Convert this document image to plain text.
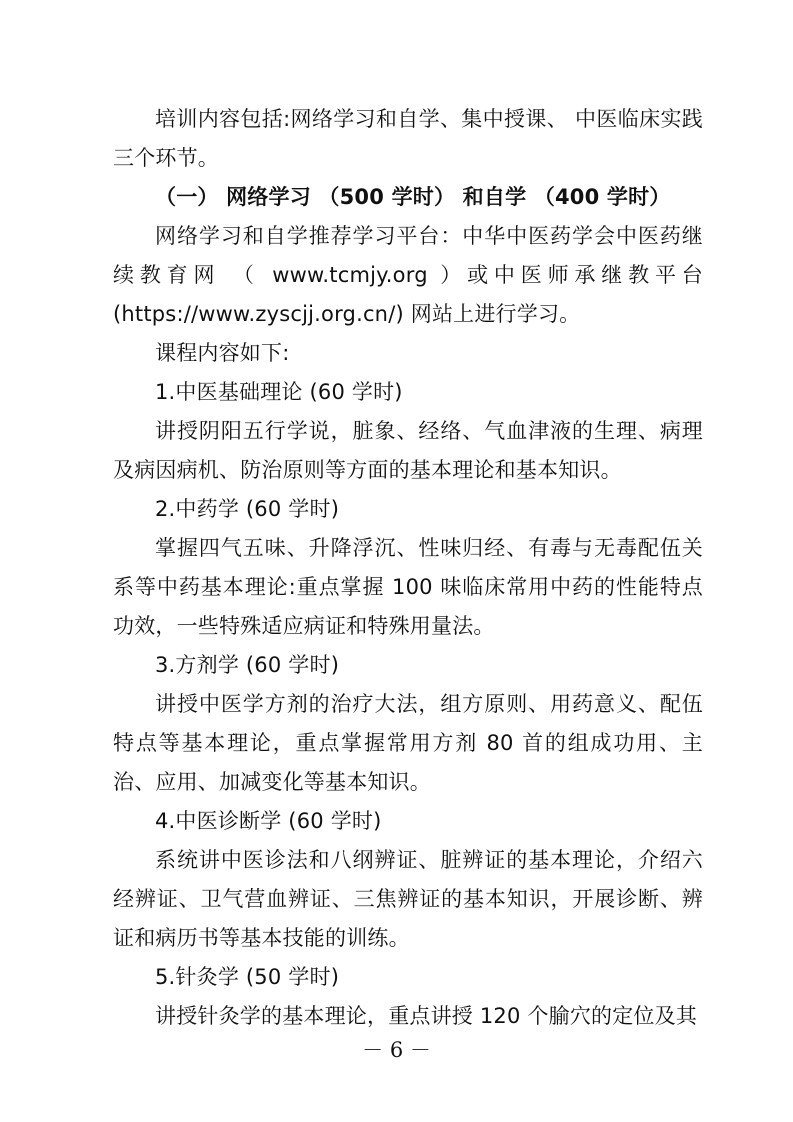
培训内容包括:网络学习和自学、集中授课、 中医临床实践三个环节。

（一） 网络学习 （500 学时） 和自学 （400 学时）

网络学习和自学推荐学习平台：中华中医药学会中医药继续教育网 （ www.tcmjy.org ）或中医师承继教平台

(https://www.zyscjj.org.cn/) 网站上进行学习。

课程内容如下:

1.中医基础理论 (60 学时)

讲授阴阳五行学说，脏象、经络、气血津液的生理、病理及病因病机、防治原则等方面的基本理论和基本知识。

2.中药学 (60 学时)

掌握四气五味、升降浮沉、性味归经、有毒与无毒配伍关系等中药基本理论:重点掌握 100 味临床常用中药的性能特点功效，一些特殊适应病证和特殊用量法。

3.方剂学 (60 学时)

讲授中医学方剂的治疗大法，组方原则、用药意义、配伍特点等基本理论，重点掌握常用方剂 80 首的组成功用、主治、应用、加减变化等基本知识。

4.中医诊断学 (60 学时)

系统讲中医诊法和八纲辨证、脏辨证的基本理论，介绍六经辨证、卫气营血辨证、三焦辨证的基本知识，开展诊断、辨证和病历书等基本技能的训练。

5.针灸学 (50 学时)

讲授针灸学的基本理论，重点讲授 120 个腧穴的定位及其

－ 6 －
